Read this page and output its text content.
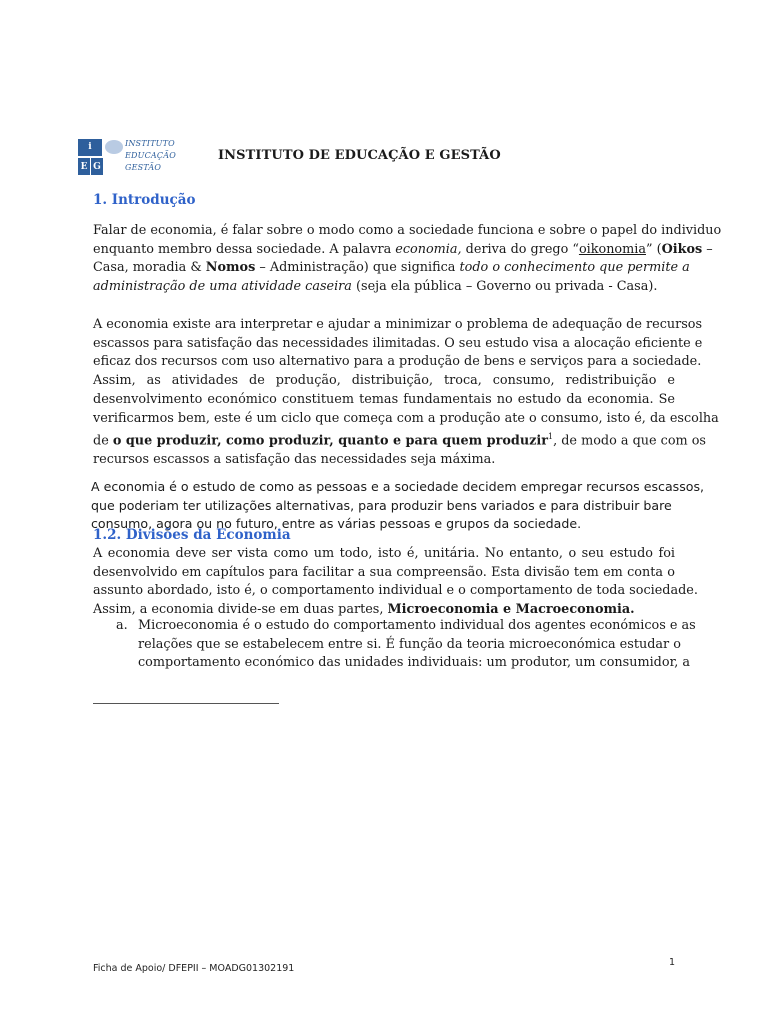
i
E G
INSTITUTO
EDUCAÇÃO
GESTÃO
INSTITUTO DE EDUCAÇÃO E GESTÃO
1. Introdução
Falar de economia, é falar sobre o modo como a sociedade funciona e sobre o papel do individuo
enquanto membro dessa sociedade. A palavra economia, deriva do grego “oikonomia” (Oikos –
Casa, moradia & Nomos – Administração) que significa todo o conhecimento que permite a
administração de uma atividade caseira (seja ela pública – Governo ou privada - Casa).
A economia existe ara interpretar e ajudar a minimizar o problema de adequação de recursos
escassos para satisfação das necessidades ilimitadas. O seu estudo visa a alocação eficiente e
eficaz dos recursos com uso alternativo para a produção de bens e serviços para a sociedade.
Assim, as atividades de produção, distribuição, troca, consumo, redistribuição e
desenvolvimento económico constituem temas fundamentais no estudo da economia. Se
verificarmos bem, este é um ciclo que começa com a produção ate o consumo, isto é, da escolha
de o que produzir, como produzir, quanto e para quem produzir$^1$, de modo a que com os
recursos escassos a satisfação das necessidades seja máxima.
A economia é o estudo de como as pessoas e a sociedade decidem empregar recursos escassos,
que poderiam ter utilizações alternativas, para produzir bens variados e para distribuir bare
consumo, agora ou no futuro, entre as várias pessoas e grupos da sociedade.
1.2. Divisões da Economia
A economia deve ser vista como um todo, isto é, unitária. No entanto, o seu estudo foi
desenvolvido em capítulos para facilitar a sua compreensão. Esta divisão tem em conta o
assunto abordado, isto é, o comportamento individual e o comportamento de toda sociedade.
Assim, a economia divide-se em duas partes, Microeconomia e Macroeconomia.
a. Microeconomia é o estudo do comportamento individual dos agentes económicos e as
relações que se estabelecem entre si. É função da teoria microeconómica estudar o
comportamento económico das unidades individuais: um produtor, um consumidor, a
Ficha de Apoio/ DFEPII – MOADG01302191
1
